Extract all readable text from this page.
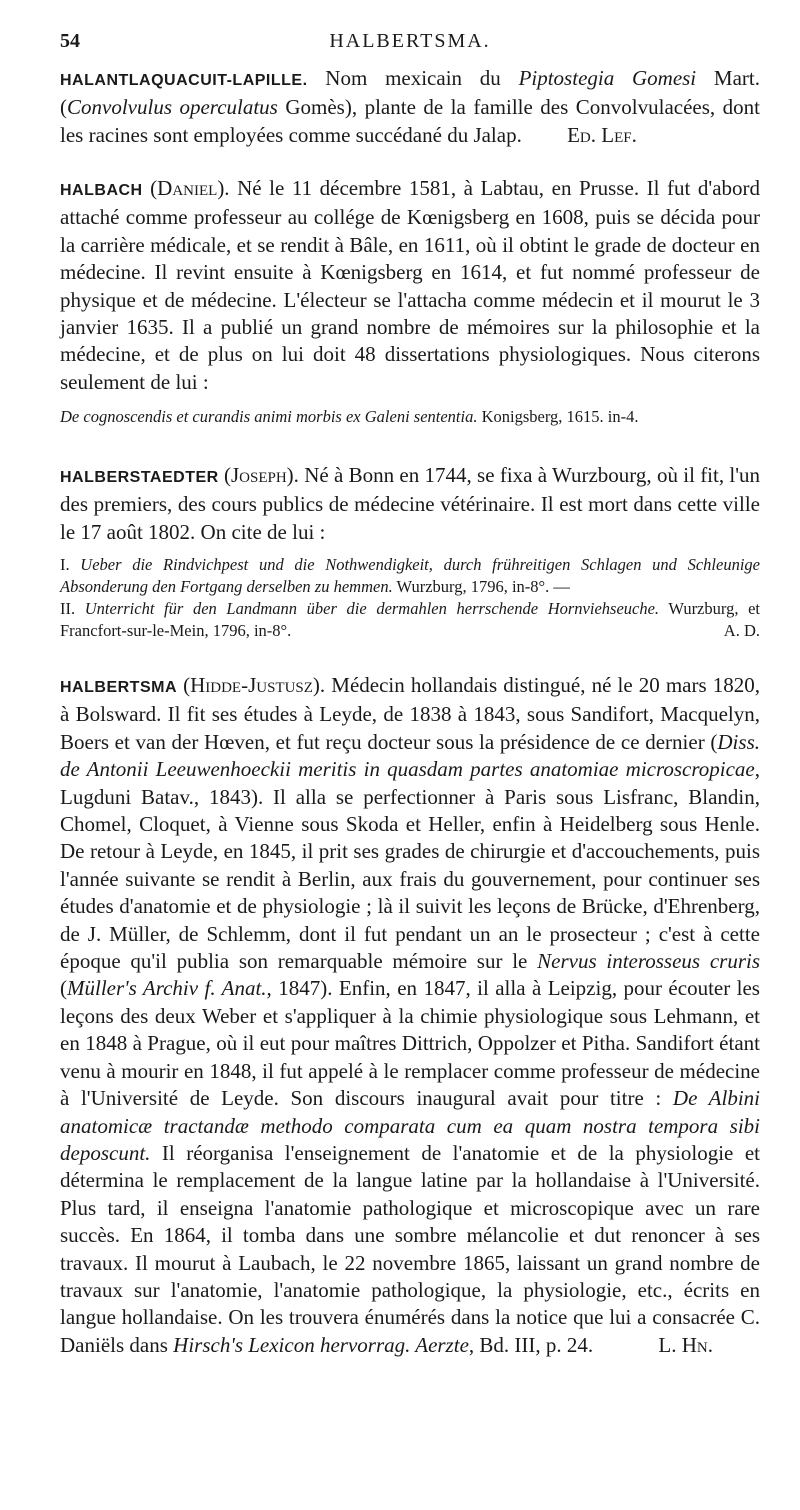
54	HALBERTSMA.

HALANTLAQUACUIT-LAPILLE. Nom mexicain du Piptostegia Gomesi Mart. (Convolvulus operculatus Gomès), plante de la famille des Convolvulacées, dont les racines sont employées comme succédané du Jalap. Ed. Lef.

HALBACH (Daniel). Né le 11 décembre 1581, à Labtau, en Prusse. Il fut d'abord attaché comme professeur au collége de Kœnigsberg en 1608, puis se décida pour la carrière médicale, et se rendit à Bâle, en 1611, où il obtint le grade de docteur en médecine. Il revint ensuite à Kœnigsberg en 1614, et fut nommé professeur de physique et de médecine. L'électeur se l'attacha comme médecin et il mourut le 3 janvier 1635. Il a publié un grand nombre de mémoires sur la philosophie et la médecine, et de plus on lui doit 48 dissertations physiologiques. Nous citerons seulement de lui :

De cognoscendis et curandis animi morbis ex Galeni sententia. Konigsberg, 1615. in-4.

HALBERSTAEDTER (Joseph). Né à Bonn en 1744, se fixa à Wurzbourg, où il fit, l'un des premiers, des cours publics de médecine vétérinaire. Il est mort dans cette ville le 17 août 1802. On cite de lui :

I. Ueber die Rindvichpest und die Nothwendigkeit, durch frühreitigen Schlagen und Schleunige Absonderung den Fortgang derselben zu hemmen. Wurzburg, 1796, in-8°. —
II. Unterricht für den Landmann über die dermahlen herrschende Hornviehseuche. Wurzburg, et Francfort-sur-le-Mein, 1796, in-8°.	A. D.

HALBERTSMA (Hidde-Justusz). Médecin hollandais distingué, né le 20 mars 1820, à Bolsward. Il fit ses études à Leyde, de 1838 à 1843, sous Sandifort, Macquelyn, Boers et van der Hœven, et fut reçu docteur sous la présidence de ce dernier (Diss. de Antonii Leeuwenhoeckii meritis in quasdam partes anatomiae microscropicae, Lugduni Batav., 1843). Il alla se perfectionner à Paris sous Lisfranc, Blandin, Chomel, Cloquet, à Vienne sous Skoda et Heller, enfin à Heidelberg sous Henle. De retour à Leyde, en 1845, il prit ses grades de chirurgie et d'accouchements, puis l'année suivante se rendit à Berlin, aux frais du gouvernement, pour continuer ses études d'anatomie et de physiologie ; là il suivit les leçons de Brücke, d'Ehrenberg, de J. Müller, de Schlemm, dont il fut pendant un an le prosecteur ; c'est à cette époque qu'il publia son remarquable mémoire sur le Nervus interosseus cruris (Müller's Archiv f. Anat., 1847). Enfin, en 1847, il alla à Leipzig, pour écouter les leçons des deux Weber et s'appliquer à la chimie physiologique sous Lehmann, et en 1848 à Prague, où il eut pour maîtres Dittrich, Oppolzer et Pitha. Sandifort étant venu à mourir en 1848, il fut appelé à le remplacer comme professeur de médecine à l'Université de Leyde. Son discours inaugural avait pour titre : De Albini anatomicæ tractandæ methodo comparata cum ea quam nostra tempora sibi deposcunt. Il réorganisa l'enseignement de l'anatomie et de la physiologie et détermina le remplacement de la langue latine par la hollandaise à l'Université. Plus tard, il enseigna l'anatomie pathologique et microscopique avec un rare succès. En 1864, il tomba dans une sombre mélancolie et dut renoncer à ses travaux. Il mourut à Laubach, le 22 novembre 1865, laissant un grand nombre de travaux sur l'anatomie, l'anatomie pathologique, la physiologie, etc., écrits en langue hollandaise. On les trouvera énumérés dans la notice que lui a consacrée C. Daniëls dans Hirsch's Lexicon hervorrag. Aerzte, Bd. III, p. 24.	L. Hn.
